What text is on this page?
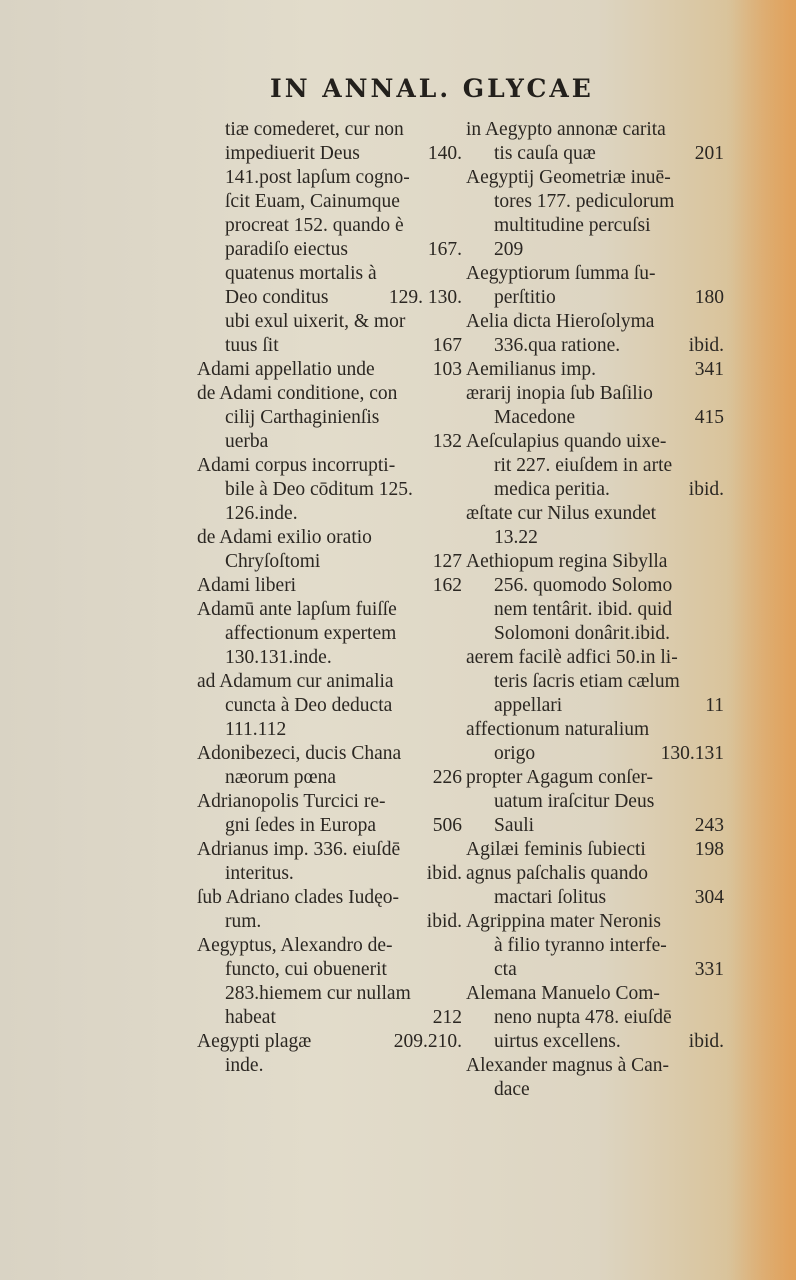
IN ANNAL. GLYCAE
tiæ comederet, cur non
impediuerit Deus	140.
141.post lapſum cogno-
ſcit Euam, Cainumque
procreat 152. quando è
paradiſo eiectus	167.
quatenus mortalis à
Deo conditus	129. 130.
ubi exul uixerit, & mor
tuus ſit	167
Adami appellatio unde	103
de Adami conditione, con
cilij Carthaginienſis
uerba	132
Adami corpus incorrupti-
bile à Deo cōditum 125.
126.inde.
de Adami exilio oratio
Chryſoſtomi	127
Adami liberi	162
Adamū ante lapſum fuiſſe
affectionum expertem
130.131.inde.
ad Adamum cur animalia
cuncta à Deo deducta
111.112
Adonibezeci, ducis Chana
næorum pœna	226
Adrianopolis Turcici re-
gni ſedes in Europa	506
Adrianus imp. 336. eiuſdē
interitus.	ibid.
ſub Adriano clades Iudęo-
rum.	ibid.
Aegyptus, Alexandro de-
functo, cui obuenerit
283.hiemem cur nullam
habeat	212
Aegypti plagæ	209.210.
inde.
in Aegypto annonæ carita
tis cauſa quæ	201
Aegyptij Geometriæ inuē-
tores 177. pediculorum
multitudine percuſsi
209
Aegyptiorum ſumma ſu-
perſtitio	180
Aelia dicta Hieroſolyma
336.qua ratione.	ibid.
Aemilianus imp.	341
ærarij inopia ſub Baſilio
Macedone	415
Aeſculapius quando uixe-
rit 227. eiuſdem in arte
medica peritia.	ibid.
æſtate cur Nilus exundet
13.22
Aethiopum regina Sibylla
256. quomodo Solomo
nem tentârit. ibid. quid
Solomoni donârit.ibid.
aerem facilè adfici 50.in li-
teris ſacris etiam cælum
appellari	11
affectionum naturalium
origo	130.131
propter Agagum conſer-
uatum iraſcitur Deus
Sauli	243
Agilæi feminis ſubiecti	198
agnus paſchalis quando
mactari ſolitus	304
Agrippina mater Neronis
à filio tyranno interfe-
cta	331
Alemana Manuelo Com-
neno nupta 478. eiuſdē
uirtus excellens.	ibid.
Alexander magnus à Can-
dace
